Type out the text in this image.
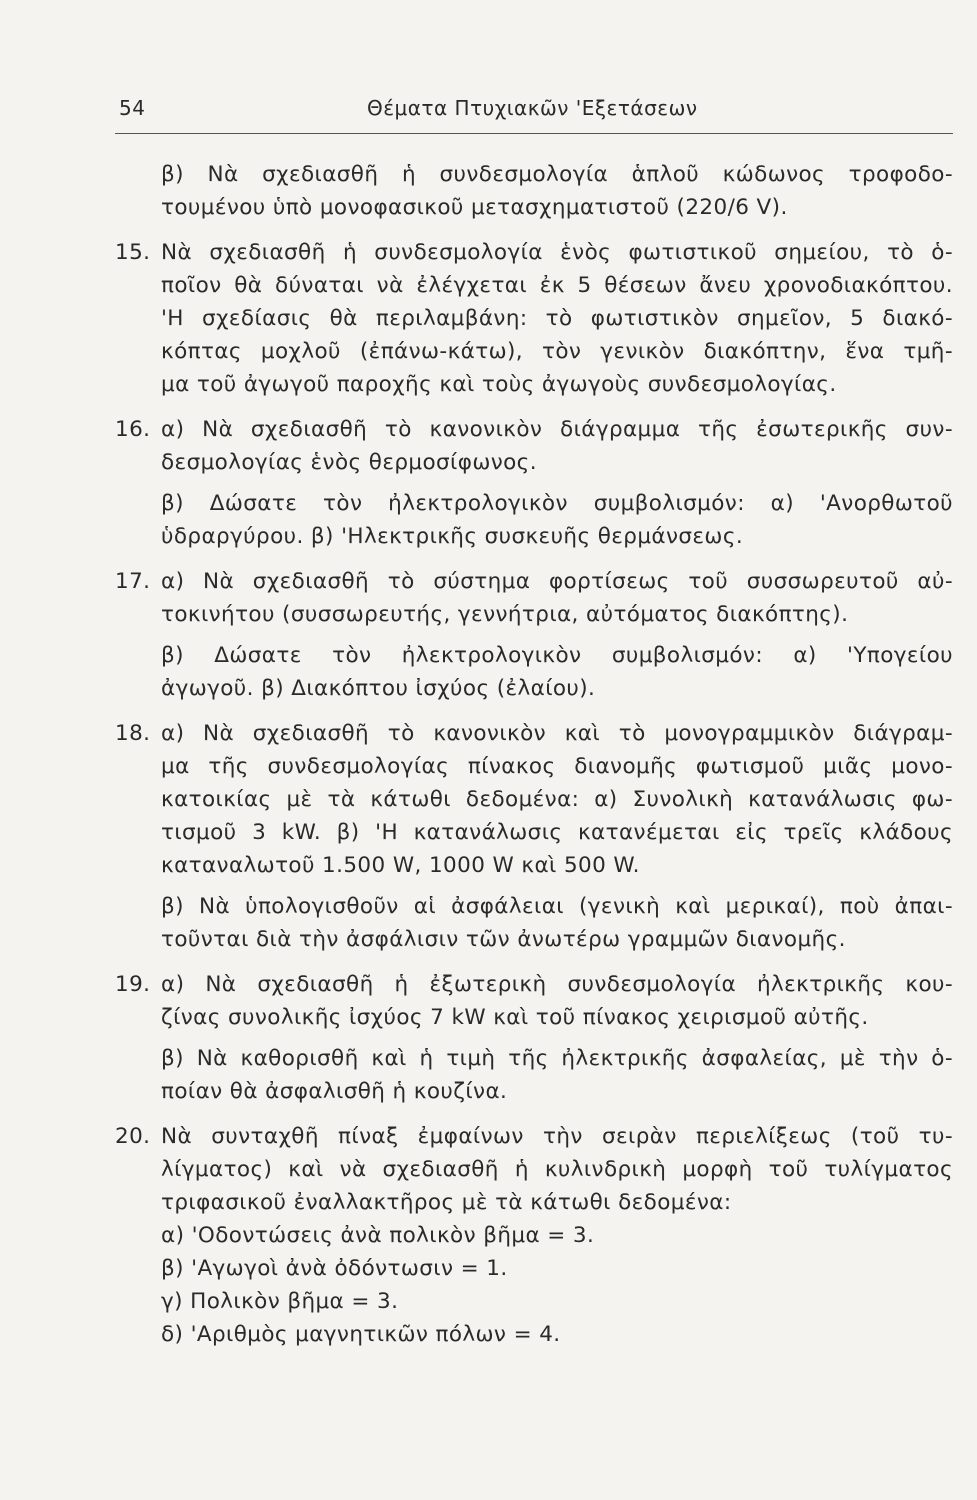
54	Θέματα Πτυχιακῶν 'Εξετάσεων
β) Νὰ σχεδιασθῆ ἡ συνδεσμολογία ἁπλοῦ κώδωνος τροφοδο-
τουμένου ὑπὸ μονοφασικοῦ μετασχηματιστοῦ (220/6 V).
15. Νὰ σχεδιασθῆ ἡ συνδεσμολογία ἑνὸς φωτιστικοῦ σημείου, τὸ ὁ-
ποῖον θὰ δύναται νὰ ἐλέγχεται ἐκ 5 θέσεων ἄνευ χρονοδιακόπτου.
'Η σχεδίασις θὰ περιλαμβάνη: τὸ φωτιστικὸν σημεῖον, 5 διακό-
κόπτας μοχλοῦ (ἐπάνω-κάτω), τὸν γενικὸν διακόπτην, ἕνα τμῆ-
μα τοῦ ἀγωγοῦ παροχῆς καὶ τοὺς ἀγωγοὺς συνδεσμολογίας.
16. α) Νὰ σχεδιασθῆ τὸ κανονικὸν διάγραμμα τῆς ἐσωτερικῆς συν-
δεσμολογίας ἑνὸς θερμοσίφωνος.
β) Δώσατε τὸν ἠλεκτρολογικὸν συμβολισμόν: α) 'Ανορθωτοῦ
ὑδραργύρου. β) 'Ηλεκτρικῆς συσκευῆς θερμάνσεως.
17. α) Νὰ σχεδιασθῆ τὸ σύστημα φορτίσεως τοῦ συσσωρευτοῦ αὐ-
τοκινήτου (συσσωρευτής, γεννήτρια, αὐτόματος διακόπτης).
β) Δώσατε τὸν ἠλεκτρολογικὸν συμβολισμόν: α) 'Υπογείου
ἀγωγοῦ. β) Διακόπτου ἰσχύος (ἐλαίου).
18. α) Νὰ σχεδιασθῆ τὸ κανονικὸν καὶ τὸ μονογραμμικὸν διάγραμ-
μα τῆς συνδεσμολογίας πίνακος διανομῆς φωτισμοῦ μιᾶς μονο-
κατοικίας μὲ τὰ κάτωθι δεδομένα: α) Συνολικὴ κατανάλωσις φω-
τισμοῦ 3 kW. β) 'Η κατανάλωσις κατανέμεται εἰς τρεῖς κλάδους
καταναλωτοῦ 1.500 W, 1000 W καὶ 500 W.
β) Νὰ ὑπολογισθοῦν αἱ ἀσφάλειαι (γενικὴ καὶ μερικαί), ποὺ ἀπαι-
τοῦνται διὰ τὴν ἀσφάλισιν τῶν ἀνωτέρω γραμμῶν διανομῆς.
19. α) Νὰ σχεδιασθῆ ἡ ἐξωτερικὴ συνδεσμολογία ἠλεκτρικῆς κου-
ζίνας συνολικῆς ἰσχύος 7 kW καὶ τοῦ πίνακος χειρισμοῦ αὐτῆς.
β) Νὰ καθορισθῆ καὶ ἡ τιμὴ τῆς ἠλεκτρικῆς ἀσφαλείας, μὲ τὴν ὁ-
ποίαν θὰ ἀσφαλισθῆ ἡ κουζίνα.
20. Νὰ συνταχθῆ πίναξ ἐμφαίνων τὴν σειρὰν περιελίξεως (τοῦ τυ-
λίγματος) καὶ νὰ σχεδιασθῆ ἡ κυλινδρικὴ μορφὴ τοῦ τυλίγματος
τριφασικοῦ ἐναλλακτῆρος μὲ τὰ κάτωθι δεδομένα:
α) 'Οδοντώσεις ἀνὰ πολικὸν βῆμα = 3.
β) 'Αγωγοὶ ἀνὰ ὀδόντωσιν = 1.
γ) Πολικὸν βῆμα = 3.
δ) 'Αριθμὸς μαγνητικῶν πόλων = 4.
